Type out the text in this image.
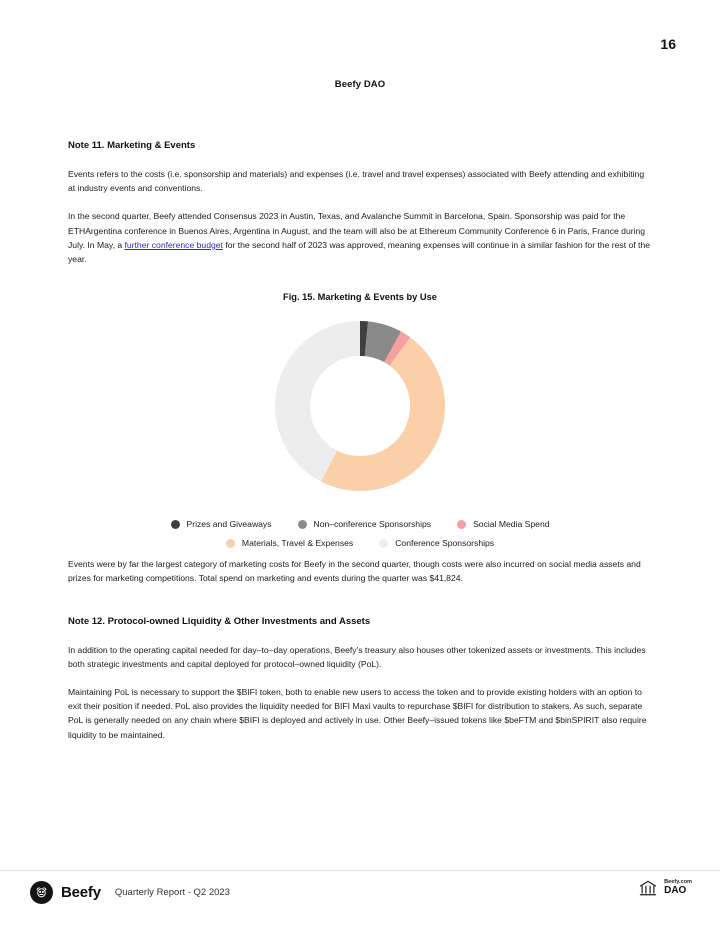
16
Beefy DAO
Note 11. Marketing & Events

Events refers to the costs (i.e. sponsorship and materials) and expenses (i.e. travel and travel expenses) associated with Beefy attending and exhibiting at industry events and conventions.

In the second quarter, Beefy attended Consensus 2023 in Austin, Texas, and Avalanche Summit in Barcelona, Spain. Sponsorship was paid for the ETHArgentina conference in Buenos Aires, Argentina in August, and the team will also be at Ethereum Community Conference 6 in Paris, France during July. In May, a further conference budget for the second half of 2023 was approved, meaning expenses will continue in a similar fashion for the rest of the year.

Fig. 15. Marketing & Events by Use
Prizes and Giveaways	Non–conference Sponsorships	Social Media Spend
Materials, Travel & Expenses	Conference Sponsorships

Events were by far the largest category of marketing costs for Beefy in the second quarter, though costs were also incurred on social media assets and prizes for marketing competitions. Total spend on marketing and events during the quarter was $41,824.

Note 12. Protocol-owned Liquidity & Other Investments and Assets

In addition to the operating capital needed for day–to–day operations, Beefy's treasury also houses other tokenized assets or investments. This includes both strategic investments and capital deployed for protocol–owned liquidity (PoL).

Maintaining PoL is necessary to support the $BIFI token, both to enable new users to access the token and to provide existing holders with an option to exit their position if needed. PoL also provides the liquidity needed for BIFI Maxi vaults to repurchase $BIFI for distribution to stakers. As such, separate PoL is generally needed on any chain where $BIFI is deployed and actively in use. Other Beefy–issued tokens like $beFTM and $binSPIRIT also require liquidity to be maintained.

Beefy Quarterly Report - Q2 2023
Beefy.com
DAO
